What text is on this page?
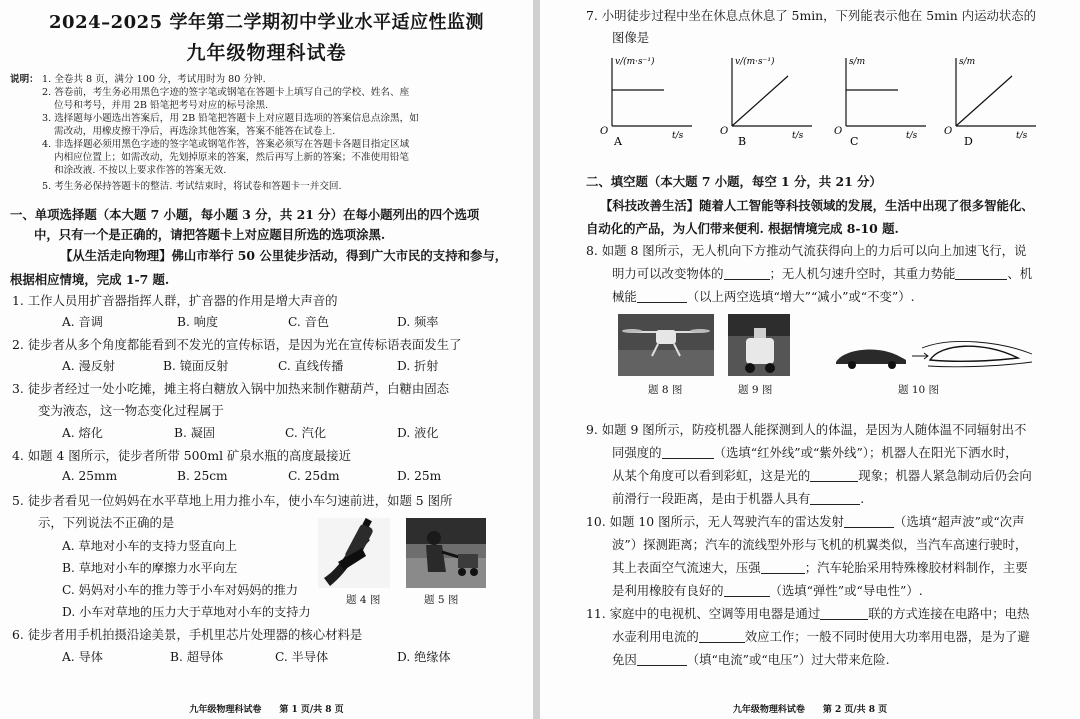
2024–2025 学年第二学期初中学业水平适应性监测
九年级物理科试卷
说明： 1. 全卷共 8 页，满分 100 分，考试用时为 80 分钟.
2. 答卷前，考生务必用黑色字迹的签字笔或钢笔在答题卡上填写自己的学校、姓名、座
位号和考号，并用 2B 铅笔把考号对应的标号涂黑.
3. 选择题每小题选出答案后，用 2B 铅笔把答题卡上对应题目选项的答案信息点涂黑，如
需改动，用橡皮擦干净后，再选涂其他答案，答案不能答在试卷上.
4. 非选择题必须用黑色字迹的签字笔或钢笔作答，答案必须写在答题卡各题目指定区域
内相应位置上；如需改动，先划掉原来的答案，然后再写上新的答案；不准使用铅笔
和涂改液. 不按以上要求作答的答案无效.
5. 考生务必保持答题卡的整洁. 考试结束时，将试卷和答题卡一并交回.
一、单项选择题（本大题 7 小题，每小题 3 分，共 21 分）在每小题列出的四个选项
中，只有一个是正确的，请把答题卡上对应题目所选的选项涂黑.
【从生活走向物理】佛山市举行 50 公里徒步活动，得到广大市民的支持和参与，
根据相应情境，完成 1-7 题.
1. 工作人员用扩音器指挥人群，扩音器的作用是增大声音的
A. 音调	B. 响度	C. 音色	D. 频率
2. 徒步者从多个角度都能看到不发光的宣传标语，是因为光在宣传标语表面发生了
A. 漫反射	B. 镜面反射	C. 直线传播	D. 折射
3. 徒步者经过一处小吃摊，摊主将白糖放入锅中加热来制作糖葫芦，白糖由固态
变为液态，这一物态变化过程属于
A. 熔化	B. 凝固	C. 汽化	D. 液化
4. 如题 4 图所示，徒步者所带 500ml 矿泉水瓶的高度最接近
A. 25mm	B. 25cm	C. 25dm	D. 25m
5. 徒步者看见一位妈妈在水平草地上用力推小车，使小车匀速前进，如题 5 图所
示，下列说法不正确的是
A. 草地对小车的支持力竖直向上
B. 草地对小车的摩擦力水平向左
C. 妈妈对小车的推力等于小车对妈妈的推力
D. 小车对草地的压力大于草地对小车的支持力
题 4 图	题 5 图
6. 徒步者用手机拍摄沿途美景，手机里芯片处理器的核心材料是
A. 导体	B. 超导体	C. 半导体	D. 绝缘体
九年级物理科试卷　　第 1 页/共 8 页
7. 小明徒步过程中坐在休息点休息了 5min，下列能表示他在 5min 内运动状态的
图像是
v/(m·s⁻¹)
O	t/s
A
v/(m·s⁻¹)
O	t/s
B
s/m
O	t/s
C
s/m
O	t/s
D
二、填空题（本大题 7 小题，每空 1 分，共 21 分）
【科技改善生活】随着人工智能等科技领域的发展，生活中出现了很多智能化、
自动化的产品，为人们带来便利. 根据情境完成 8-10 题.
8. 如题 8 图所示，无人机向下方推动气流获得向上的力后可以向上加速飞行，说
明力可以改变物体的	；无人机匀速升空时，其重力势能	、机
械能	（以上两空选填“增大”“减小”或“不变”）.
题 8 图	题 9 图	题 10 图
9. 如题 9 图所示，防疫机器人能探测到人的体温，是因为人随体温不同辐射出不
同强度的	（选填“红外线”或“紫外线”）；机器人在阳光下洒水时，
从某个角度可以看到彩虹，这是光的	现象；机器人紧急制动后仍会向
前滑行一段距离，是由于机器人具有	.
10. 如题 10 图所示，无人驾驶汽车的雷达发射	（选填“超声波”或“次声
波”）探测距离；汽车的流线型外形与飞机的机翼类似，当汽车高速行驶时，
其上表面空气流速大，压强	；汽车轮胎采用特殊橡胶材料制作，主要
是利用橡胶有良好的	（选填“弹性”或“导电性”）.
11. 家庭中的电视机、空调等用电器是通过	联的方式连接在电路中；电热
水壶利用电流的	效应工作；一般不同时使用大功率用电器，是为了避
免因	（填“电流”或“电压”）过大带来危险.
九年级物理科试卷　　第 2 页/共 8 页
